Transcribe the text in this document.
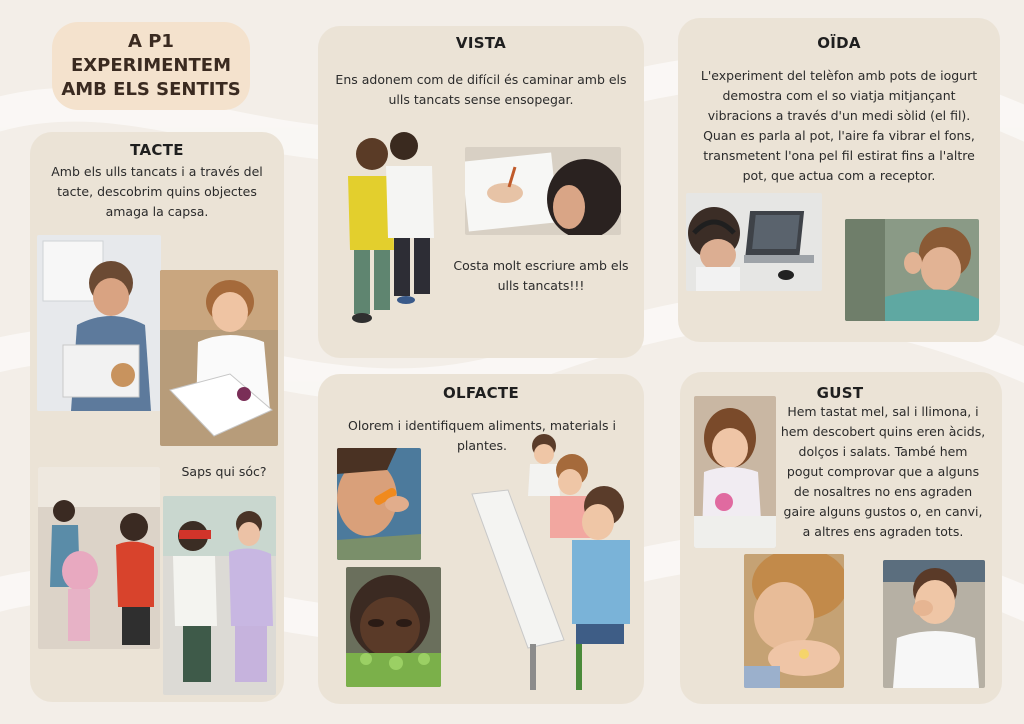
A P1 EXPERIMENTEM
AMB ELS SENTITS
TACTE
Amb els ulls tancats i a través del tacte, descobrim quins objectes amaga la capsa.
Saps qui sóc?
VISTA
Ens adonem com de difícil és caminar amb els ulls tancats sense ensopegar.
Costa molt escriure amb els ulls tancats!!!
OÏDA
L'experiment del telèfon amb pots de iogurt demostra com el so viatja mitjançant vibracions a través d'un medi sòlid (el fil). Quan es parla al pot, l'aire fa vibrar el fons, transmetent l'ona pel fil estirat fins a l'altre pot, que actua com a receptor.
OLFACTE
Olorem i identifiquem aliments, materials i plantes.
GUST
Hem tastat mel, sal i llimona, i hem descobert quins eren àcids, dolços i salats. També hem pogut comprovar que a alguns de nosaltres no ens agraden gaire alguns gustos o, en canvi, a altres ens agraden tots.
